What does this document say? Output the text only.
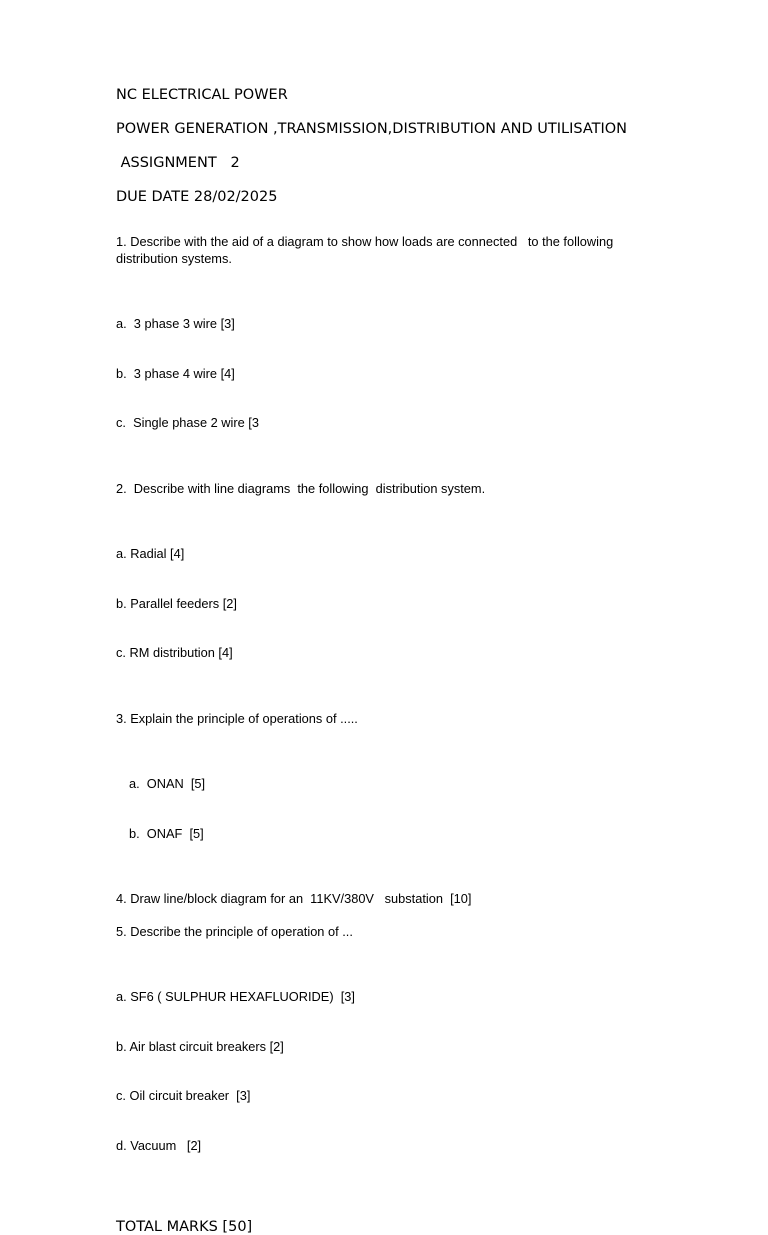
NC ELECTRICAL POWER

POWER GENERATION ,TRANSMISSION,DISTRIBUTION AND UTILISATION

ASSIGNMENT   2

DUE DATE 28/02/2025

1. Describe with the aid of a diagram to show how loads are connected   to the following distribution systems.

a.  3 phase 3 wire [3]

b.  3 phase 4 wire [4]

c.  Single phase 2 wire [3

2.  Describe with line diagrams  the following  distribution system.

a. Radial [4]

b. Parallel feeders [2]

c. RM distribution [4]

3. Explain the principle of operations of .....

a.  ONAN  [5]

b.  ONAF  [5]

4. Draw line/block diagram for an  11KV/380V   substation  [10]

5. Describe the principle of operation of ...

a. SF6 ( SULPHUR HEXAFLUORIDE)  [3]

b. Air blast circuit breakers [2]

c. Oil circuit breaker  [3]

d. Vacuum   [2]

TOTAL MARKS [50]
